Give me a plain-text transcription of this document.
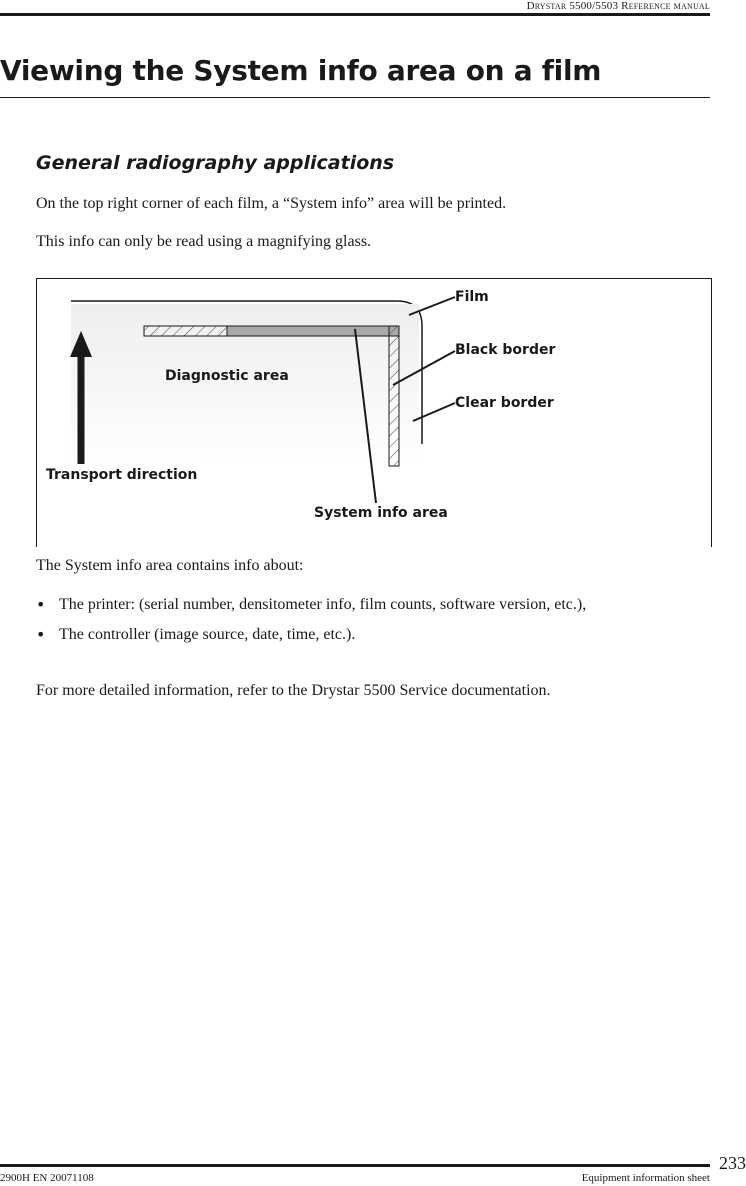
Drystar 5500/5503 Reference manual
Viewing the System info area on a film
General radiography applications

On the top right corner of each film, a “System info” area will be printed.

This info can only be read using a magnifying glass.

Film
Black border
Clear border
Diagnostic area
Transport direction
System info area

The System info area contains info about:

• The printer: (serial number, densitometer info, film counts, software version, etc.),
• The controller (image source, date, time, etc.).

For more detailed information, refer to the Drystar 5500 Service documentation.

233
2900H EN 20071108	Equipment information sheet
